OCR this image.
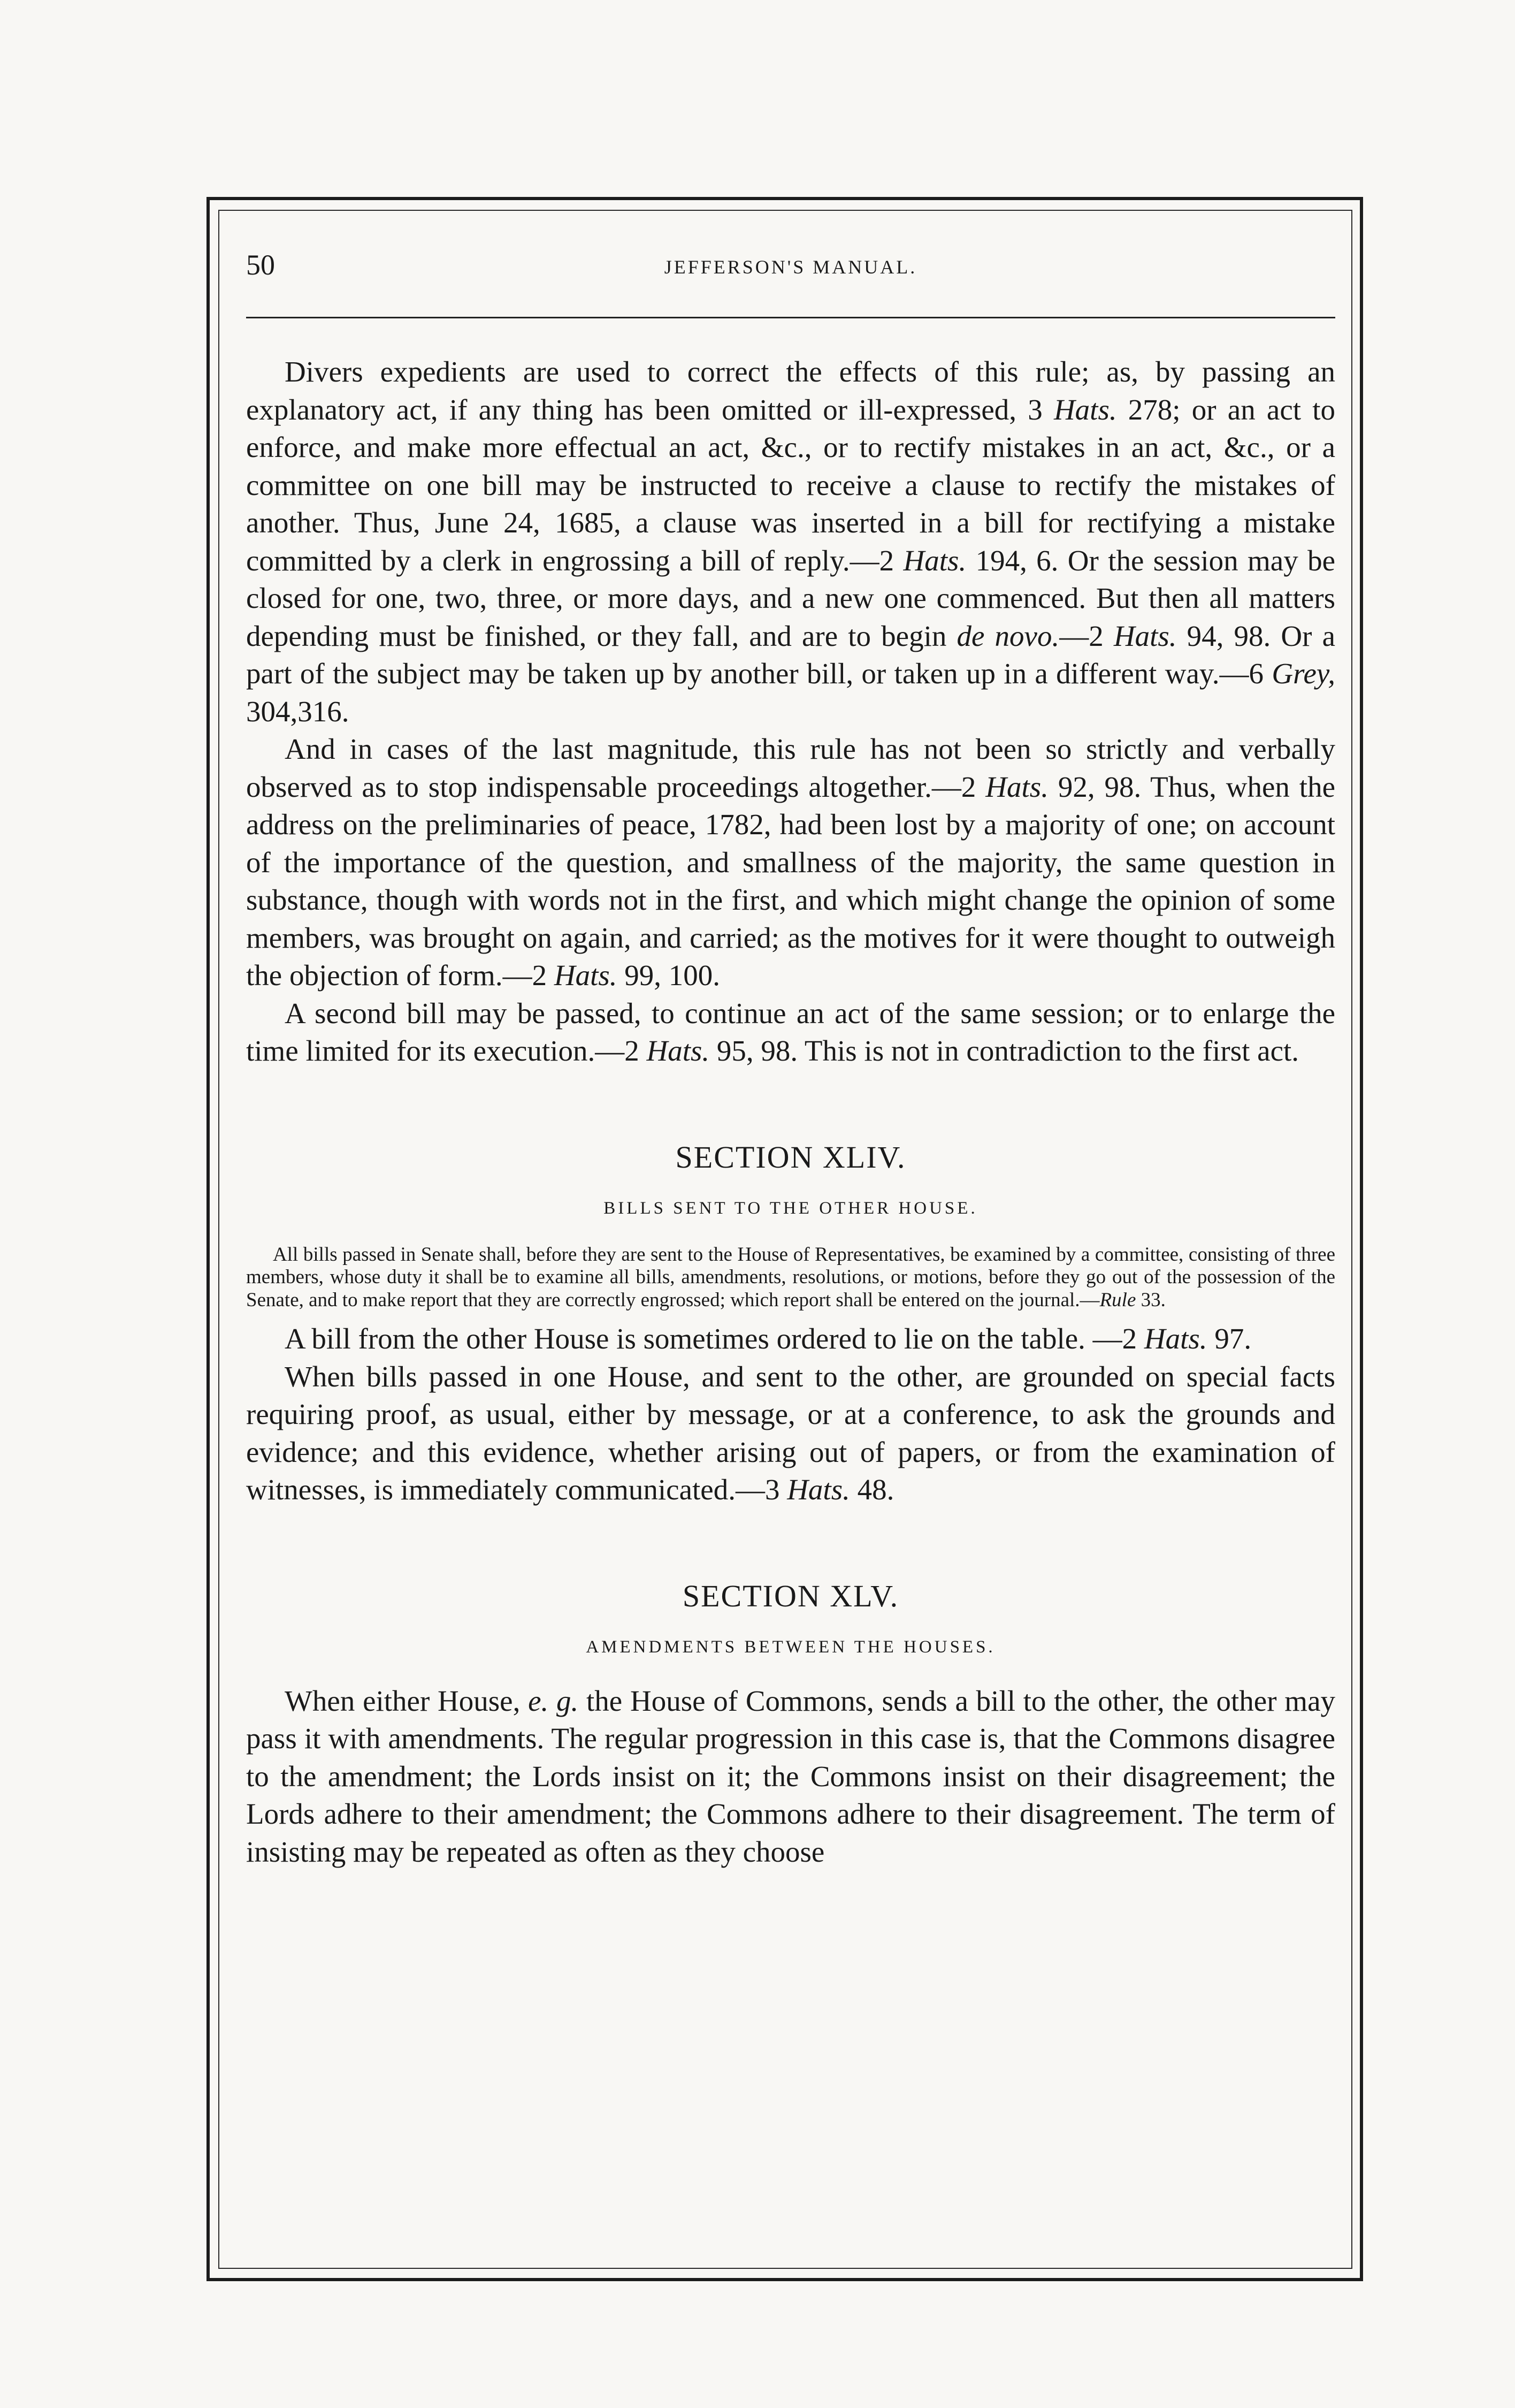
50	JEFFERSON'S MANUAL.

Divers expedients are used to correct the effects of this rule; as, by passing an explanatory act, if any thing has been omitted or ill-expressed, 3 Hats. 278; or an act to enforce, and make more effectual an act, &c., or to rectify mistakes in an act, &c., or a committee on one bill may be instructed to receive a clause to rectify the mistakes of another. Thus, June 24, 1685, a clause was inserted in a bill for rectifying a mistake committed by a clerk in engrossing a bill of reply.—2 Hats. 194, 6. Or the session may be closed for one, two, three, or more days, and a new one commenced. But then all matters depending must be finished, or they fall, and are to begin de novo.—2 Hats. 94, 98. Or a part of the subject may be taken up by another bill, or taken up in a different way.—6 Grey, 304,316.

And in cases of the last magnitude, this rule has not been so strictly and verbally observed as to stop indispensable proceedings altogether.—2 Hats. 92, 98. Thus, when the address on the preliminaries of peace, 1782, had been lost by a majority of one; on account of the importance of the question, and smallness of the majority, the same question in substance, though with words not in the first, and which might change the opinion of some members, was brought on again, and carried; as the motives for it were thought to outweigh the objection of form.—2 Hats. 99, 100.

A second bill may be passed, to continue an act of the same session; or to enlarge the time limited for its execution.—2 Hats. 95, 98. This is not in contradiction to the first act.

SECTION XLIV.
BILLS SENT TO THE OTHER HOUSE.

All bills passed in Senate shall, before they are sent to the House of Representatives, be examined by a committee, consisting of three members, whose duty it shall be to examine all bills, amendments, resolutions, or motions, before they go out of the possession of the Senate, and to make report that they are correctly engrossed; which report shall be entered on the journal.—Rule 33.

A bill from the other House is sometimes ordered to lie on the table. —2 Hats. 97.

When bills passed in one House, and sent to the other, are grounded on special facts requiring proof, as usual, either by message, or at a conference, to ask the grounds and evidence; and this evidence, whether arising out of papers, or from the examination of witnesses, is immediately communicated.—3 Hats. 48.

SECTION XLV.
AMENDMENTS BETWEEN THE HOUSES.

When either House, e. g. the House of Commons, sends a bill to the other, the other may pass it with amendments. The regular progression in this case is, that the Commons disagree to the amendment; the Lords insist on it; the Commons insist on their disagreement; the Lords adhere to their amendment; the Commons adhere to their disagreement. The term of insisting may be repeated as often as they choose
